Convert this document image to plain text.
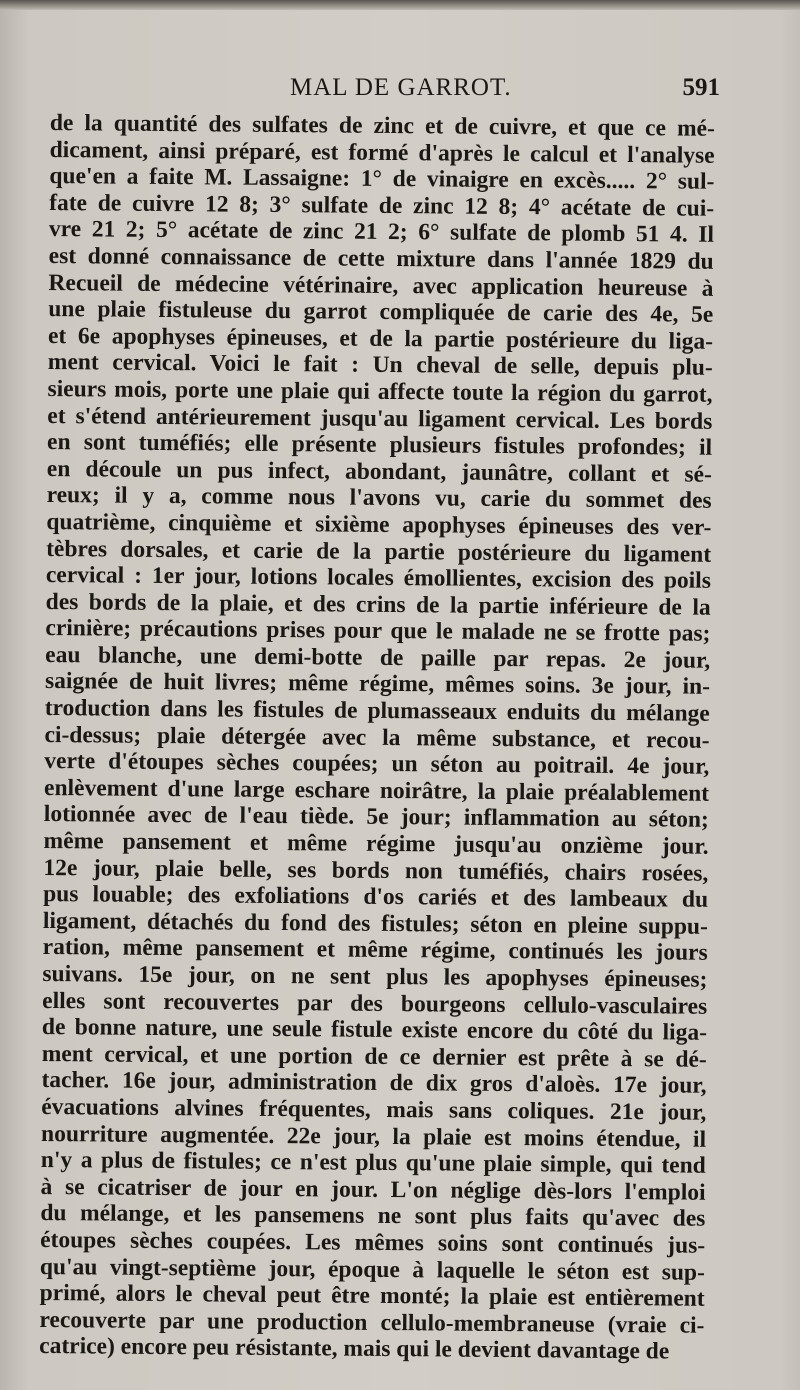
MAL DE GARROT.	591
de la quantité des sulfates de zinc et de cuivre, et que ce mé-
dicament, ainsi préparé, est formé d'après le calcul et l'analyse
que'en a faite M. Lassaigne: 1° de vinaigre en excès..... 2° sul-
fate de cuivre 12 8; 3° sulfate de zinc 12 8; 4° acétate de cui-
vre 21 2; 5° acétate de zinc 21 2; 6° sulfate de plomb 51 4. Il
est donné connaissance de cette mixture dans l'année 1829 du
Recueil de médecine vétérinaire, avec application heureuse à
une plaie fistuleuse du garrot compliquée de carie des 4e, 5e
et 6e apophyses épineuses, et de la partie postérieure du liga-
ment cervical. Voici le fait : Un cheval de selle, depuis plu-
sieurs mois, porte une plaie qui affecte toute la région du garrot,
et s'étend antérieurement jusqu'au ligament cervical. Les bords
en sont tuméfiés; elle présente plusieurs fistules profondes; il
en découle un pus infect, abondant, jaunâtre, collant et sé-
reux; il y a, comme nous l'avons vu, carie du sommet des
quatrième, cinquième et sixième apophyses épineuses des ver-
tèbres dorsales, et carie de la partie postérieure du ligament
cervical : 1er jour, lotions locales émollientes, excision des poils
des bords de la plaie, et des crins de la partie inférieure de la
crinière; précautions prises pour que le malade ne se frotte pas;
eau blanche, une demi-botte de paille par repas. 2e jour,
saignée de huit livres; même régime, mêmes soins. 3e jour, in-
troduction dans les fistules de plumasseaux enduits du mélange
ci-dessus; plaie détergée avec la même substance, et recou-
verte d'étoupes sèches coupées; un séton au poitrail. 4e jour,
enlèvement d'une large eschare noirâtre, la plaie préalablement
lotionnée avec de l'eau tiède. 5e jour; inflammation au séton;
même pansement et même régime jusqu'au onzième jour.
12e jour, plaie belle, ses bords non tuméfiés, chairs rosées,
pus louable; des exfoliations d'os cariés et des lambeaux du
ligament, détachés du fond des fistules; séton en pleine suppu-
ration, même pansement et même régime, continués les jours
suivans. 15e jour, on ne sent plus les apophyses épineuses;
elles sont recouvertes par des bourgeons cellulo-vasculaires
de bonne nature, une seule fistule existe encore du côté du liga-
ment cervical, et une portion de ce dernier est prête à se dé-
tacher. 16e jour, administration de dix gros d'aloès. 17e jour,
évacuations alvines fréquentes, mais sans coliques. 21e jour,
nourriture augmentée. 22e jour, la plaie est moins étendue, il
n'y a plus de fistules; ce n'est plus qu'une plaie simple, qui tend
à se cicatriser de jour en jour. L'on néglige dès-lors l'emploi
du mélange, et les pansemens ne sont plus faits qu'avec des
étoupes sèches coupées. Les mêmes soins sont continués jus-
qu'au vingt-septième jour, époque à laquelle le séton est sup-
primé, alors le cheval peut être monté; la plaie est entièrement
recouverte par une production cellulo-membraneuse (vraie ci-
catrice) encore peu résistante, mais qui le devient davantage de
